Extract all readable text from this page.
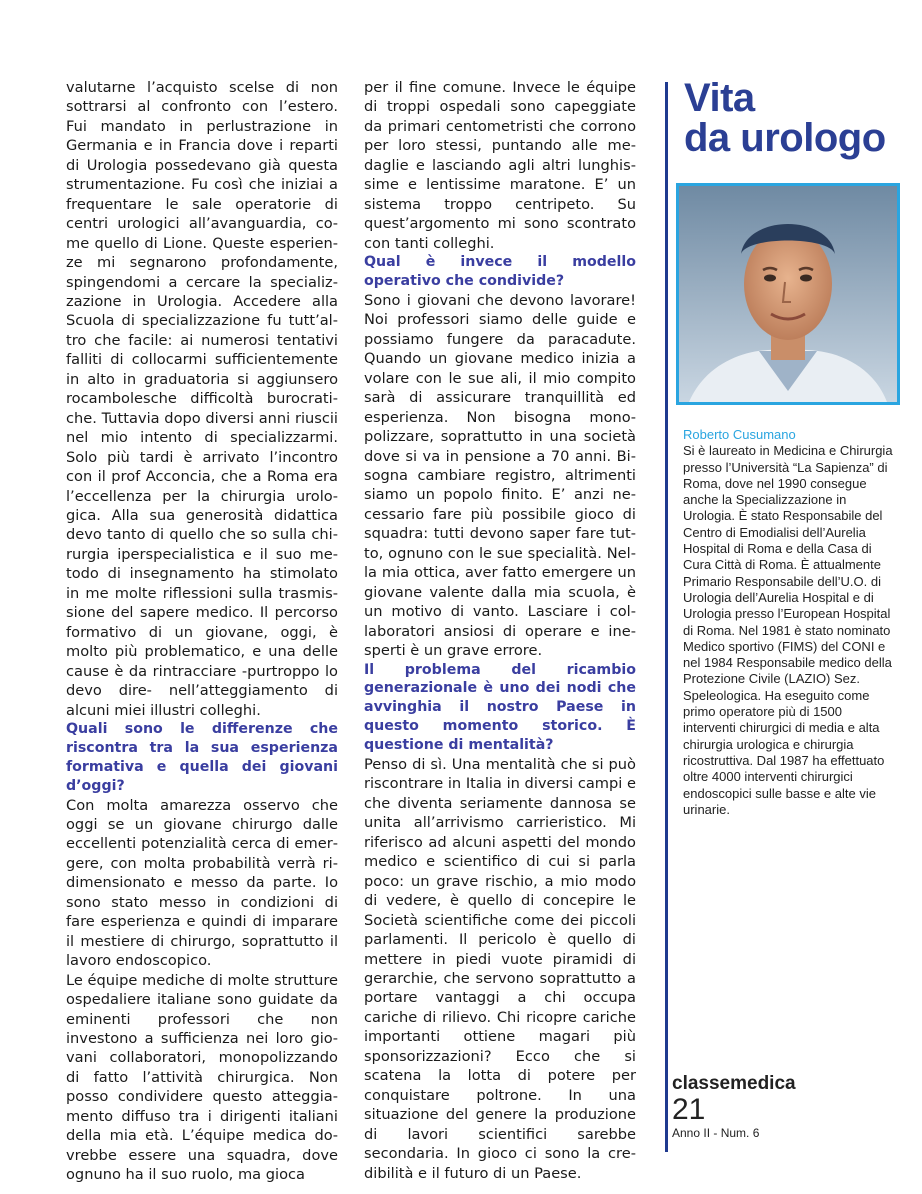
valutarne l’acquisto scelse di non sottrarsi al confronto con l’estero. Fui mandato in perlustrazione in Germania e in Francia dove i reparti di Urologia possedevano già questa strumentazione. Fu così che iniziai a frequentare le sale operatorie di centri urologici all’avanguardia, come quello di Lione. Queste esperienze mi segnarono profondamente, spingendomi a cercare la specializzazione in Urologia. Accedere alla Scuola di specializzazione fu tutt’altro che facile: ai numerosi tentativi falliti di collocarmi sufficientemente in alto in graduatoria si aggiunsero rocambolesche difficoltà burocratiche. Tuttavia dopo diversi anni riuscii nel mio intento di specializzarmi. Solo più tardi è arrivato l’incontro con il prof Acconcia, che a Roma era l’eccellenza per la chirurgia urologica. Alla sua generosità didattica devo tanto di quello che so sulla chirurgia iperspecialistica e il suo metodo di insegnamento ha stimolato in me molte riflessioni sulla trasmissione del sapere medico. Il percorso formativo di un giovane, oggi, è molto più problematico, e una delle cause è da rintracciare -purtroppo lo devo dire- nell’atteggiamento di alcuni miei illustri colleghi.

Quali sono le differenze che riscontra tra la sua esperienza formativa e quella dei giovani d’oggi?

Con molta amarezza osservo che oggi se un giovane chirurgo dalle eccellenti potenzialità cerca di emergere, con molta probabilità verrà ridimensionato e messo da parte. Io sono stato messo in condizioni di fare esperienza e quindi di imparare il mestiere di chirurgo, soprattutto il lavoro endoscopico.

Le équipe mediche di molte strutture ospedaliere italiane sono guidate da eminenti professori che non investono a sufficienza nei loro giovani collaboratori, monopolizzando di fatto l’attività chirurgica. Non posso condividere questo atteggiamento diffuso tra i dirigenti italiani della mia età. L’équipe medica dovrebbe essere una squadra, dove ognuno ha il suo ruolo, ma gioca

per il fine comune. Invece le équipe di troppi ospedali sono capeggiate da primari centometristi che corrono per loro stessi, puntando alle medaglie e lasciando agli altri lunghissime e lentissime maratone. E’ un sistema troppo centripeto. Su quest’argomento mi sono scontrato con tanti colleghi.

Qual è invece il modello operativo che condivide?

Sono i giovani che devono lavorare! Noi professori siamo delle guide e possiamo fungere da paracadute. Quando un giovane medico inizia a volare con le sue ali, il mio compito sarà di assicurare tranquillità ed esperienza. Non bisogna monopolizzare, soprattutto in una società dove si va in pensione a 70 anni. Bisogna cambiare registro, altrimenti siamo un popolo finito. E’ anzi necessario fare più possibile gioco di squadra: tutti devono saper fare tutto, ognuno con le sue specialità. Nella mia ottica, aver fatto emergere un giovane valente dalla mia scuola, è un motivo di vanto. Lasciare i collaboratori ansiosi di operare e inesperti è un grave errore.

Il problema del ricambio generazionale è uno dei nodi che avvinghia il nostro Paese in questo momento storico. È questione di mentalità?

Penso di sì. Una mentalità che si può riscontrare in Italia in diversi campi e che diventa seriamente dannosa se unita all’arrivismo carrieristico. Mi riferisco ad alcuni aspetti del mondo medico e scientifico di cui si parla poco: un grave rischio, a mio modo di vedere, è quello di concepire le Società scientifiche come dei piccoli parlamenti. Il pericolo è quello di mettere in piedi vuote piramidi di gerarchie, che servono soprattutto a portare vantaggi a chi occupa cariche di rilievo. Chi ricopre cariche importanti ottiene magari più sponsorizzazioni? Ecco che si scatena la lotta di potere per conquistare poltrone. In una situazione del genere la produzione di lavori scientifici sarebbe secondaria. In gioco ci sono la credibilità e il futuro di un Paese.

Vita
da urologo

Roberto Cusumano

Si è laureato in Medicina e Chirurgia presso l’Università “La Sapienza” di Roma, dove nel 1990 consegue anche la Specializzazione in Urologia. È stato Responsabile del Centro di Emodialisi dell’Aurelia Hospital di Roma e della Casa di Cura Città di Roma. È attualmente Primario Responsabile dell’U.O. di Urologia dell’Aurelia Hospital e di Urologia presso l’European Hospital di Roma. Nel 1981 è stato nominato Medico sportivo (FIMS) del CONI e nel 1984 Responsabile medico della Protezione Civile (LAZIO) Sez. Speleologica. Ha eseguito come primo operatore più di 1500 interventi chirurgici di media e alta chirurgia urologica e chirurgia ricostruttiva. Dal 1987 ha effettuato oltre 4000 interventi chirurgici endoscopici sulle basse e alte vie urinarie.

classemedica

21

Anno II - Num. 6
